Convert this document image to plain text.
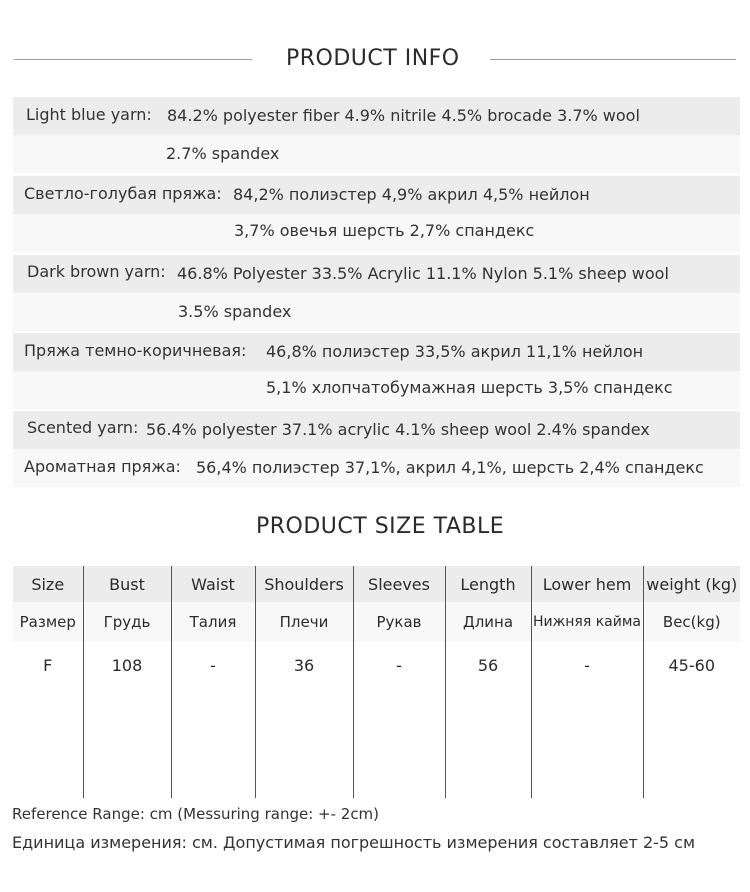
PRODUCT INFO
Light blue yarn: 84.2% polyester fiber 4.9% nitrile 4.5% brocade 3.7% wool
2.7% spandex
Светло-голубая пряжа: 84,2% полиэстер 4,9% акрил 4,5% нейлон
3,7% овечья шерсть 2,7% спандекс
Dark brown yarn: 46.8% Polyester 33.5% Acrylic 11.1% Nylon 5.1% sheep wool
3.5% spandex
Пряжа темно-коричневая: 46,8% полиэстер 33,5% акрил 11,1% нейлон
5,1% хлопчатобумажная шерсть 3,5% спандекс
Scented yarn: 56.4% polyester 37.1% acrylic 4.1% sheep wool 2.4% spandex
Ароматная пряжа: 56,4% полиэстер 37,1%, акрил 4,1%, шерсть 2,4% спандекс
PRODUCT SIZE TABLE
Size	Bust	Waist	Shoulders	Sleeves	Length	Lower hem	weight (kg)
Размер	Грудь	Талия	Плечи	Рукав	Длина	Нижняя кайма	Вес(kg)
F	108	-	36	-	56	-	45-60
Reference Range: cm (Messuring range: +- 2cm)
Единица измерения: см. Допустимая погрешность измерения составляет 2-5 см
